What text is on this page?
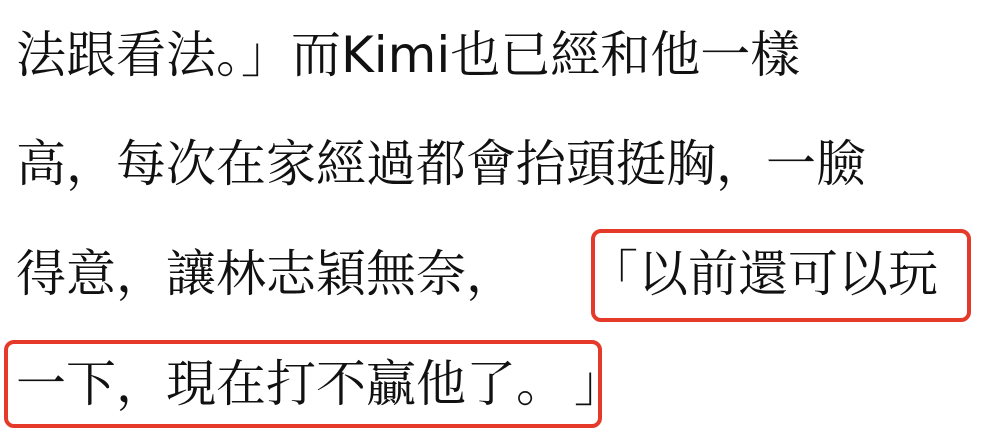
法跟看法。」而Kimi也已經和他一樣
高，每次在家經過都會抬頭挺胸，一臉
得意，讓林志穎無奈， 「以前還可以玩
一下，現在打不贏他了。 」
